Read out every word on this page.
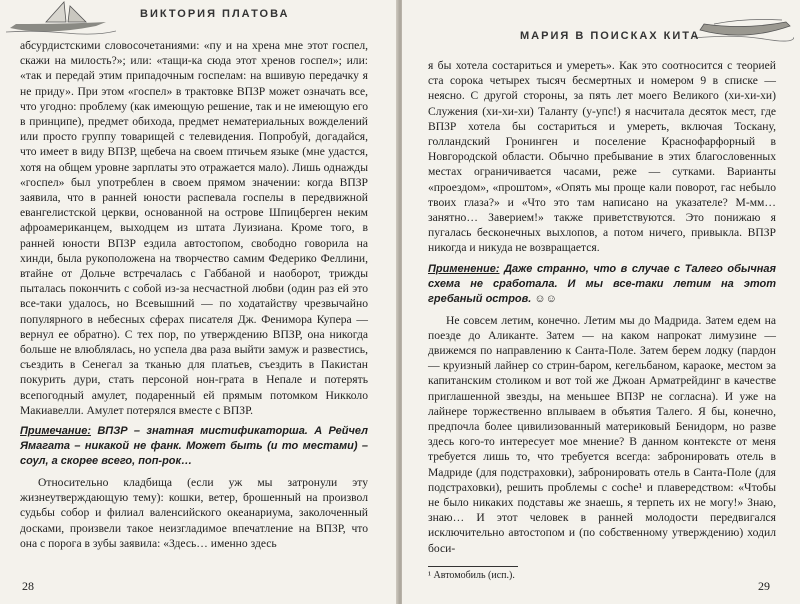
ВИКТОРИЯ ПЛАТОВА

абсурдистскими словосочетаниями: «пу и на хрена мне этот госпел, скажи на милость?»; или: «тащи-ка сюда этот хренов госпел»; или: «так и передай этим припадочным госпелам: на вшивую передачку я не приду». При этом «госпел» в трактовке ВПЗР может означать все, что угодно: проблему (как имеющую решение, так и не имеющую его в принципе), предмет обихода, предмет нематериальных вожделений или просто группу товарищей с телевидения. Попробуй, догадайся, что имеет в виду ВПЗР, щебеча на своем птичьем языке (мне удастся, хотя на общем уровне зарплаты это отражается мало). Лишь однажды «госпел» был употреблен в своем прямом значении: когда ВПЗР заявила, что в ранней юности распевала госпелы в передвижной евангелистской церкви, основанной на острове Шпицберген неким афроамериканцем, выходцем из штата Луизиана. Кроме того, в ранней юности ВПЗР ездила автостопом, свободно говорила на хинди, была рукоположена на творчество самим Федерико Феллини, втайне от Дольче встречалась с Габбаной и наоборот, трижды пыталась покончить с собой из-за несчастной любви (один раз ей это все-таки удалось, но Всевышний — по ходатайству чрезвычайно популярного в небесных сферах писателя Дж. Фенимора Купера — вернул ее обратно). С тех пор, по утверждению ВПЗР, она никогда больше не влюблялась, но успела два раза выйти замуж и развестись, съездить в Сенегал за тканью для платьев, съездить в Пакистан покурить дури, стать персоной нон-грата в Непале и потерять всепогодный амулет, подаренный ей прямым потомком Никколо Макиавелли. Амулет потерялся вместе с ВПЗР.

Примечание: ВПЗР – знатная мистификаторша. А Рейчел Ямагата – никакой не фанк. Может быть (и то местами) – соул, а скорее всего, поп-рок…

Относительно кладбища (если уж мы затронули эту жизнеутверждающую тему): кошки, ветер, брошенный на произвол судьбы собор и филиал валенсийского океанариума, заколоченный досками, произвели такое неизгладимое впечатление на ВПЗР, что она с порога в зубы заявила: «Здесь… именно здесь

28
МАРИЯ В ПОИСКАХ КИТА

я бы хотела состариться и умереть». Как это соотносится с теорией ста сорока четырех тысяч бесмертных и номером 9 в списке — неясно. С другой стороны, за пять лет моего Великого (хи-хи-хи) Служения (хи-хи-хи) Таланту (у-упс!) я насчитала десяток мест, где ВПЗР хотела бы состариться и умереть, включая Тоскану, голландский Гронинген и поселение Краснофарфорный в Новгородской области. Обычно пребывание в этих благословенных местах ограничивается часами, реже — сутками. Варианты «проездом», «проштом», «Опять мы проще кали поворот, гас небыло твоих глаза?» и «Что это там написано на указателе? М-мм… занятно… Заверием!» также приветствуются. Это понижаю я пугалась бесконечных выхлопов, а потом ничего, привыкла. ВПЗР никогда и никуда не возвращается.

Применение: Даже странно, что в случае с Талего обычная схема не сработала. И мы все-таки летим на этот гребаный остров. ☺☺

Не совсем летим, конечно. Летим мы до Мадрида. Затем едем на поезде до Аликанте. Затем — на каком напрокат лимузине — движемся по направлению к Санта-Поле. Затем берем лодку (пардон — круизный лайнер со стрин-баром, кегельбаном, караоке, местом за капитанским столиком и вот той же Джоан Арматрейдинг в качестве приглашенной звезды, на меньшее ВПЗР не согласна). И уже на лайнере торжественно вплываем в объятия Талего. Я бы, конечно, предпочла более цивилизованный материковый Бенидорм, но разве здесь кого-то интересует мое мнение? В данном контексте от меня требуется лишь то, что требуется всегда: забронировать отель в Мадриде (для подстраховки), забронировать отель в Санта-Поле (для подстраховки), решить проблемы с coche¹ и плавередством: «Чтобы не было никаких подставы же знаешь, я терпеть их не могу!» Знаю, знаю… И этот человек в ранней молодости передвигался исключительно автостопом и (по собственному утверждению) ходил боси-

¹ Автомобиль (исп.).

29
